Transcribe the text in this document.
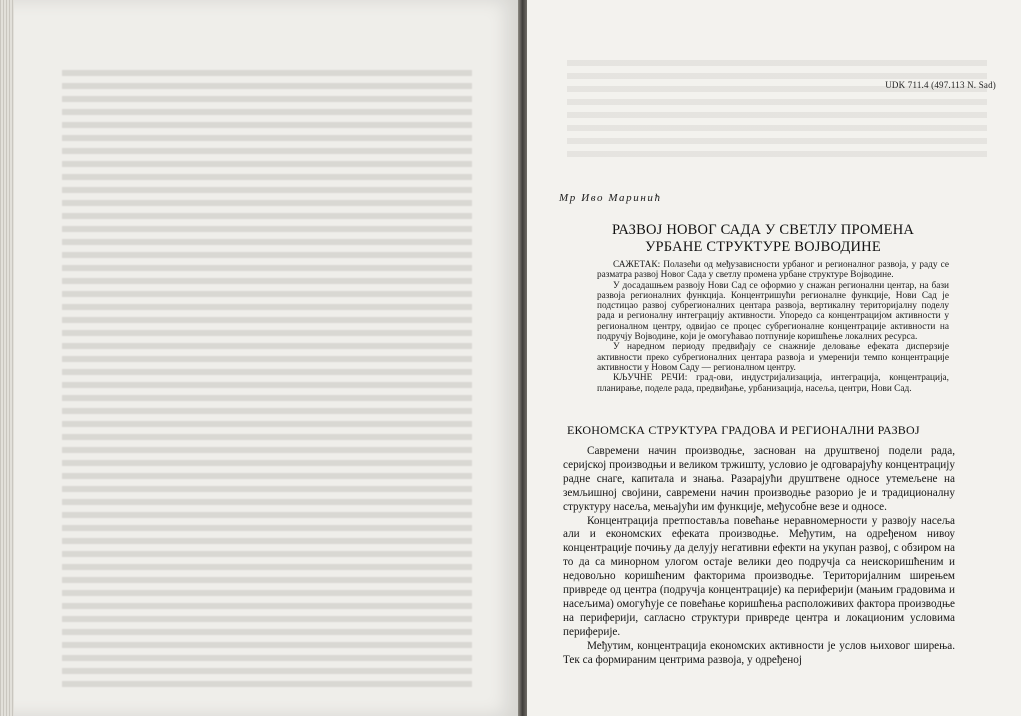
UDK 711.4 (497.113 N. Sad)
Мр Иво Маринић
РАЗВОЈ НОВОГ САДА У СВЕТЛУ ПРОМЕНА
УРБАНЕ СТРУКТУРЕ ВОЈВОДИНЕ

САЖЕТАК: Полазећи од међузависности урбаног и регионалног развоја, у раду се разматра развој Новог Сада у светлу промена урбане структуре Војводине.

У досадашњем развоју Нови Сад се оформио у снажан регионални центар, на бази развоја регионалних функција. Концентришући регионалне функције, Нови Сад је подстицао развој субрегионалних центара развоја, вертикалну територијалну поделу рада и регионалну интеграцију активности. Упоредо са концентрацијом активности у регионалном центру, одвијао се процес субрегионалне концентрације активности на подручју Војводине, који је омогућавао потпуније коришћење локалних ресурса.

У наредном периоду предвиђају се снажније деловање ефеката дисперзије активности преко субрегионалних центара развоја и умеренији темпо концентрације активности у Новом Саду — регионалном центру.

КЉУЧНЕ РЕЧИ: град-ови, индустријализација, интеграција, концентрација, планирање, поделе рада, предвиђање, урбанизација, насеља, центри, Нови Сад.

ЕКОНОМСКА СТРУКТУРА ГРАДОВА И РЕГИОНАЛНИ РАЗВОЈ

Савремени начин производње, заснован на друштвеној подели рада, серијској производњи и великом тржишту, условио је одговарајућу концентрацију радне снаге, капитала и знања. Разарајући друштвене односе утемељене на земљишној својини, савремени начин производње разорио је и традиционалну структуру насеља, мењајући им функције, међусобне везе и односе.

Концентрација претпоставља повећање неравномерности у развоју насеља али и економских ефеката производње. Међутим, на одређеном нивоу концентрације почињу да делују негативни ефекти на укупан развој, с обзиром на то да са минорном улогом остаје велики део подручја са неискоришћеним и недовољно коришћеним факторима производње. Територијалним ширењем привреде од центра (подручја концентрације) ка периферији (мањим градовима и насељима) омогућује се повећање коришћења расположивих фактора производње на периферији, сагласно структури привреде центра и локационим условима периферије.

Међутим, концентрација економских активности је услов њиховог ширења. Тек са формираним центрима развоја, у одређеној
